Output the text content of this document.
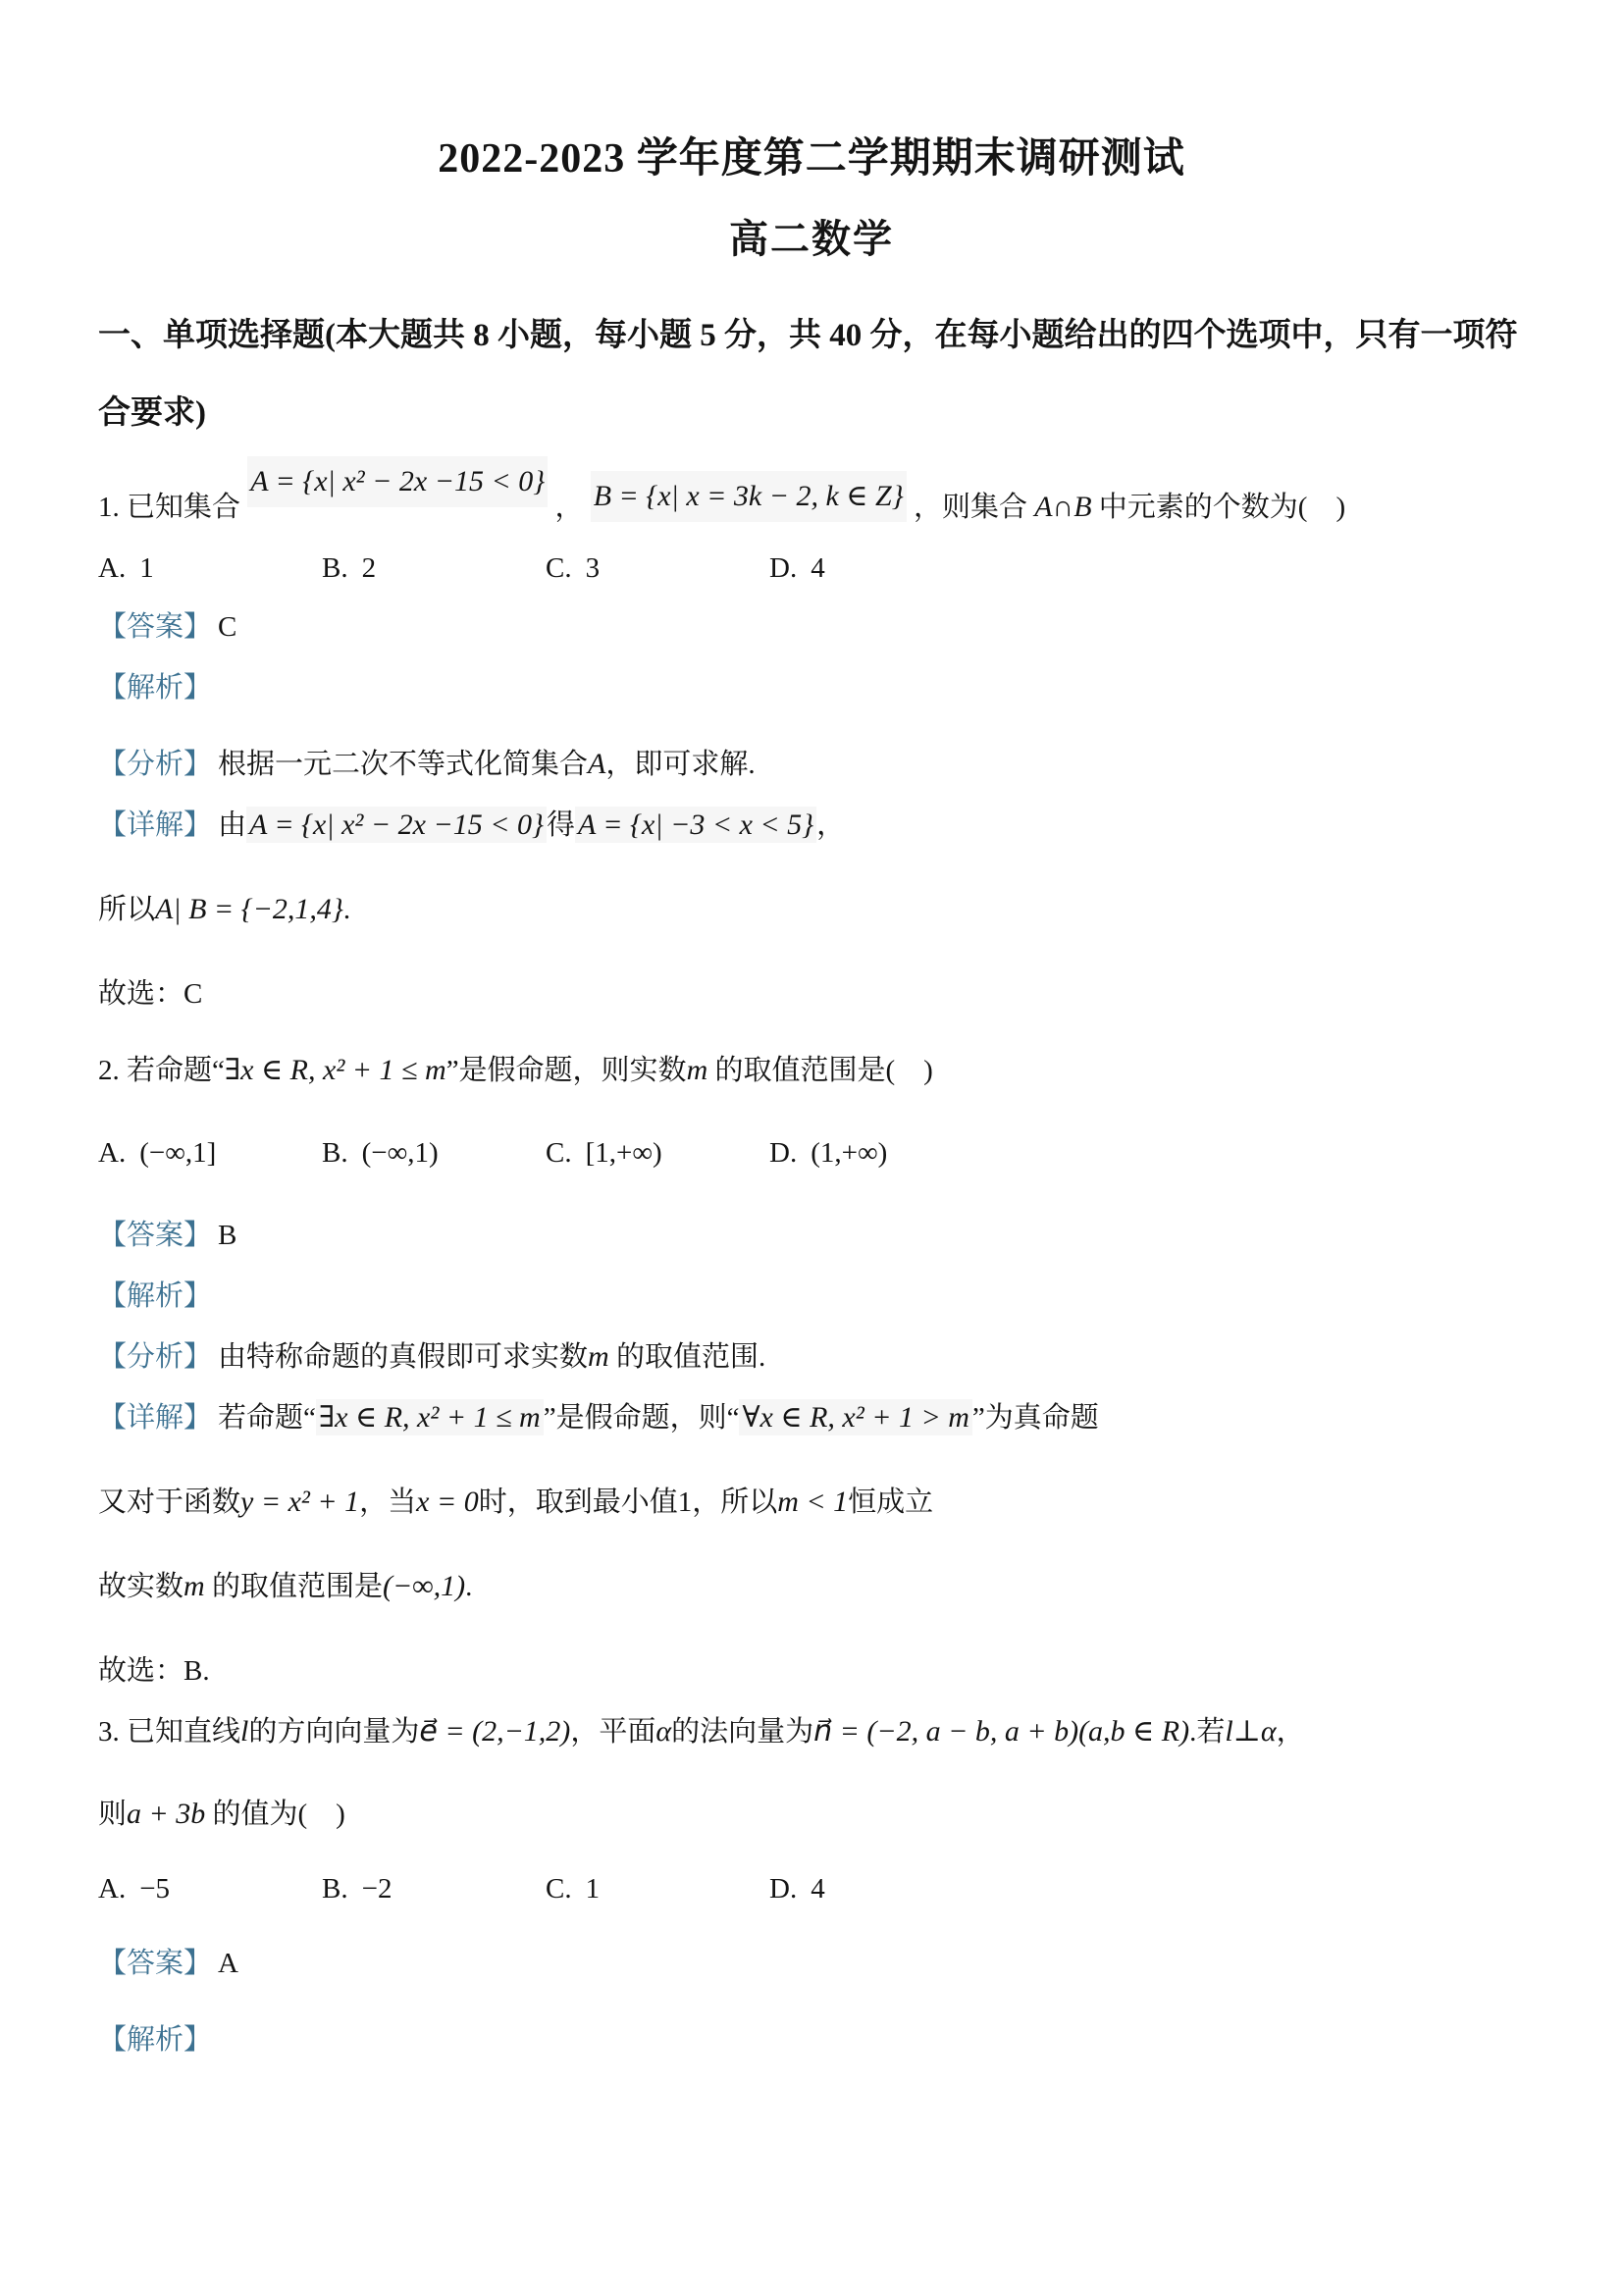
2022-2023 学年度第二学期期末调研测试
高二数学

一、单项选择题(本大题共 8 小题，每小题 5 分，共 40 分，在每小题给出的四个选项中，只有一项符合要求)

1. 已知集合 A = {x| x² − 2x −15 < 0} ， B = {x| x = 3k − 2, k ∈ Z} ，则集合 A∩B 中元素的个数为(　)

A. 1	B. 2	C. 3	D. 4

【答案】 C

【解析】

【分析】 根据一元二次不等式化简集合A，即可求解.

【详解】 由 A = {x| x² − 2x −15 < 0} 得 A = {x| −3 < x < 5} ，

所以A| B = {−2,1,4}.

故选：C

2. 若命题“∃x ∈ R, x² + 1 ≤ m”是假命题，则实数m 的取值范围是(　)

A. (−∞,1]	B. (−∞,1)	C. [1,+∞)	D. (1,+∞)

【答案】 B

【解析】

【分析】 由特称命题的真假即可求实数m 的取值范围.

【详解】 若命题“ ∃x ∈ R, x² + 1 ≤ m ”是假命题，则“ ∀x ∈ R, x² + 1 > m ”为真命题

又对于函数y = x² + 1，当x = 0时，取到最小值1，所以m < 1恒成立

故实数m 的取值范围是(−∞,1).

故选：B.

3. 已知直线l的方向向量为e⃗ = (2,−1,2)，平面α的法向量为n⃗ = (−2, a − b, a + b)(a,b ∈ R).若l⊥α，

则a + 3b 的值为(　)

A. −5	B. −2	C. 1	D. 4

【答案】 A

【解析】
